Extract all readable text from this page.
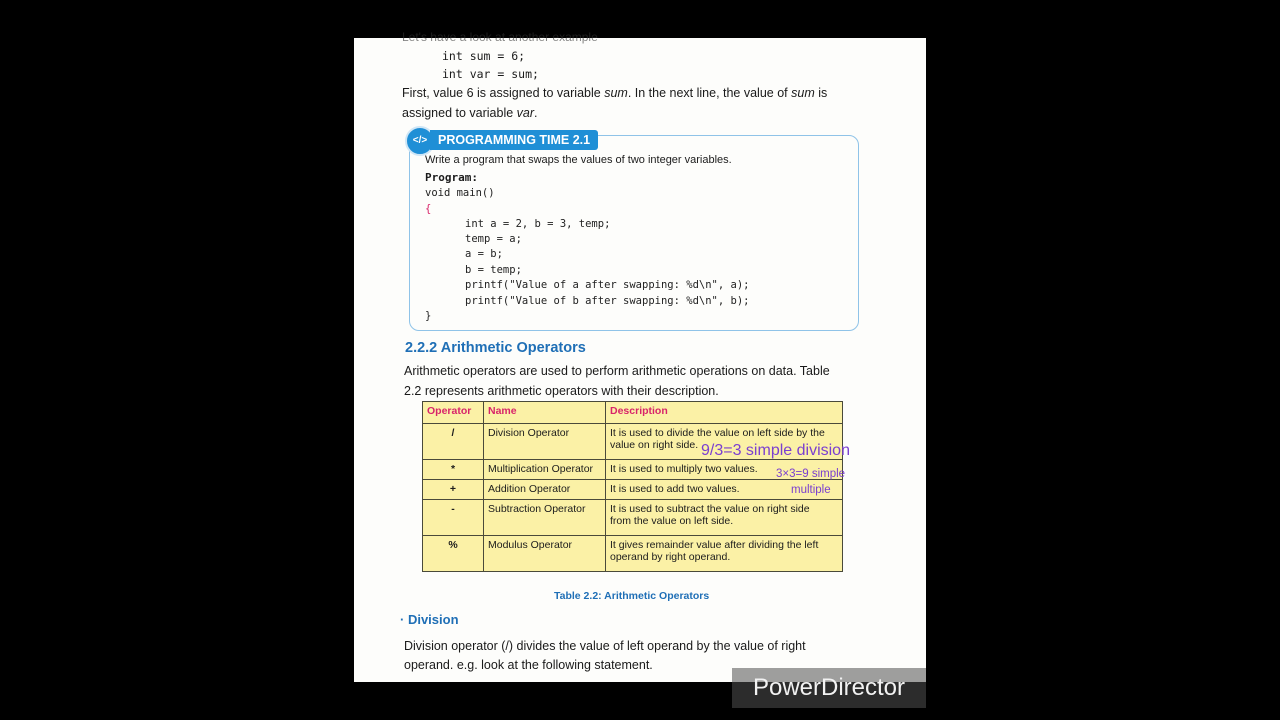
Let's have a look at another example
int sum = 6;
int var = sum;
First, value 6 is assigned to variable sum. In the next line, the value of sum is
assigned to variable var.
</> PROGRAMMING TIME 2.1
Write a program that swaps the values of two integer variables.
Program:
void main()
{
int a = 2, b = 3, temp;
temp = a;
a = b;
b = temp;
printf("Value of a after swapping: %d\n", a);
printf("Value of b after swapping: %d\n", b);
}
2.2.2 Arithmetic Operators
Arithmetic operators are used to perform arithmetic operations on data. Table
2.2 represents arithmetic operators with their description.
Operator	Name	Description
/	Division Operator	It is used to divide the value on left side by the
value on right side.

*	Multiplication Operator	It is used to multiply two values.
+	Addition Operator	It is used to add two values.
-	Subtraction Operator	It is used to subtract the value on right side
from the value on left side.

%	Modulus Operator	It gives remainder value after dividing the left
operand by right operand.
9/3=3 simple division
3×3=9 simple
multiple
Table 2.2: Arithmetic Operators
· Division
Division operator (/) divides the value of left operand by the value of right
operand. e.g. look at the following statement.
PowerDirector
